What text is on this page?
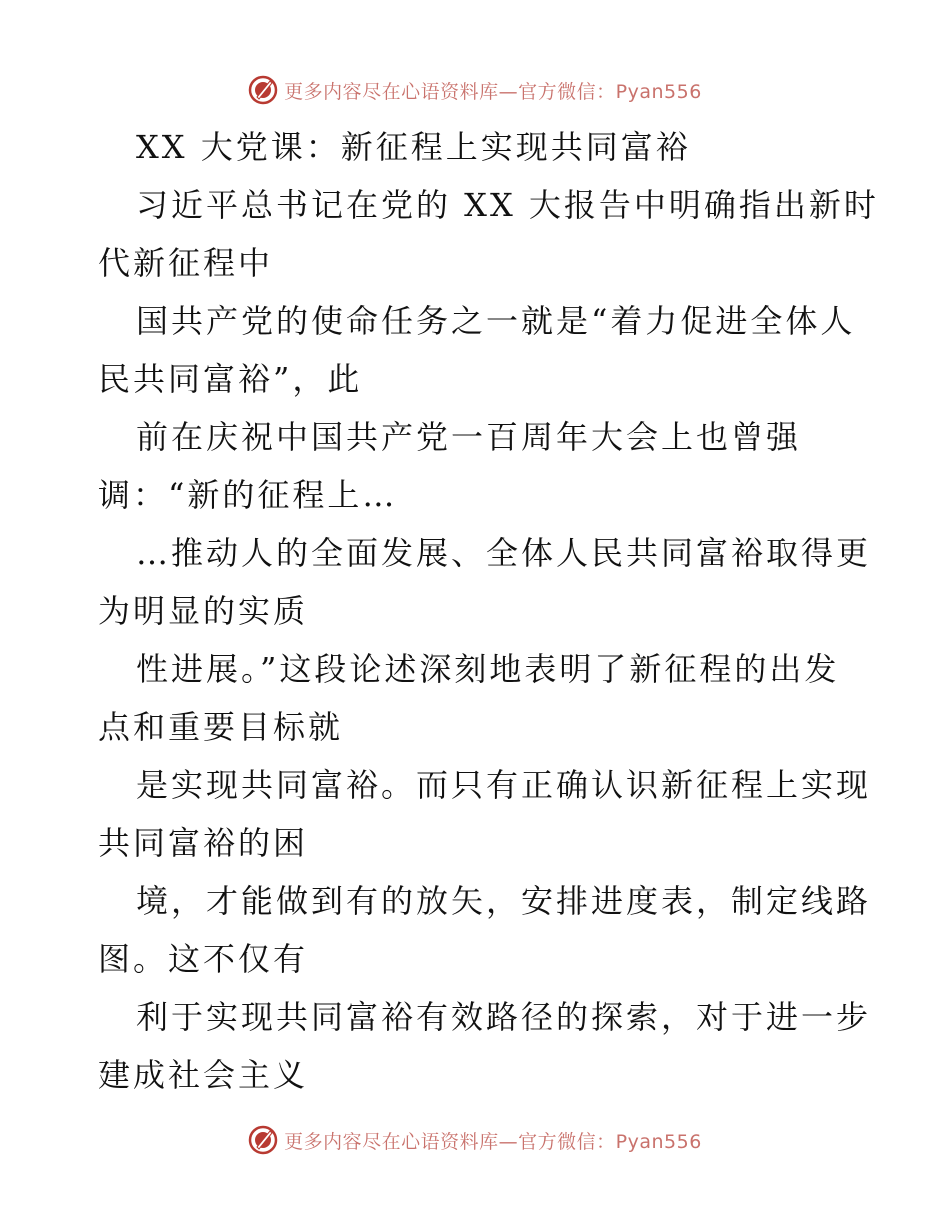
更多内容尽在心语资料库—官方微信：Pyan556
XX 大党课：新征程上实现共同富裕
习近平总书记在党的 XX 大报告中明确指出新时
代新征程中
国共产党的使命任务之一就是“着力促进全体人
民共同富裕”，此
前在庆祝中国共产党一百周年大会上也曾强
调：“新的征程上…
…推动人的全面发展、全体人民共同富裕取得更
为明显的实质
性进展。”这段论述深刻地表明了新征程的出发
点和重要目标就
是实现共同富裕。而只有正确认识新征程上实现
共同富裕的困
境，才能做到有的放矢，安排进度表，制定线路
图。这不仅有
利于实现共同富裕有效路径的探索，对于进一步
建成社会主义
更多内容尽在心语资料库—官方微信：Pyan556
